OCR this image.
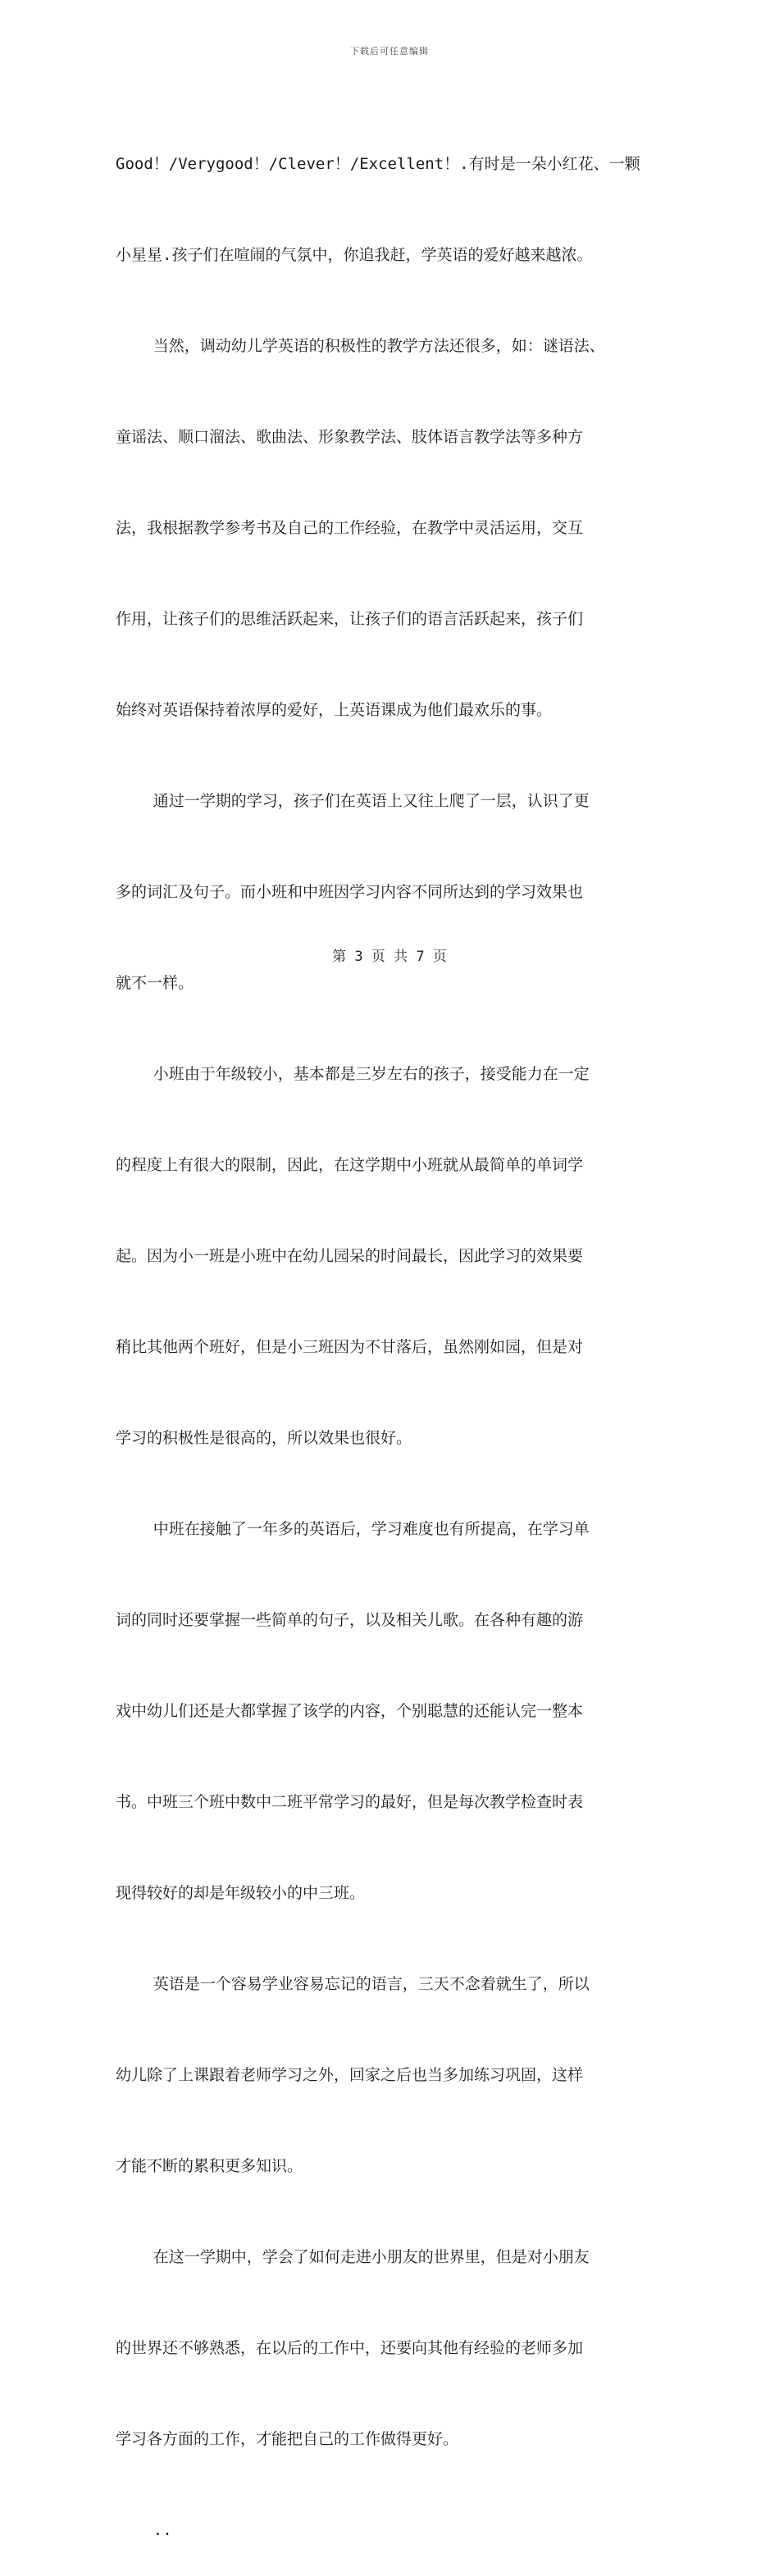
下载后可任意编辑

Good！/Verygood！/Clever！/Excellent！.有时是一朵小红花、一颗

小星星.孩子们在喧闹的气氛中，你追我赶，学英语的爱好越来越浓。

当然，调动幼儿学英语的积极性的教学方法还很多，如：谜语法、

童谣法、顺口溜法、歌曲法、形象教学法、肢体语言教学法等多种方

法，我根据教学参考书及自己的工作经验，在教学中灵活运用，交互

作用，让孩子们的思维活跃起来，让孩子们的语言活跃起来，孩子们

始终对英语保持着浓厚的爱好，上英语课成为他们最欢乐的事。

通过一学期的学习，孩子们在英语上又往上爬了一层，认识了更

多的词汇及句子。而小班和中班因学习内容不同所达到的学习效果也

就不一样。

小班由于年级较小，基本都是三岁左右的孩子，接受能力在一定

的程度上有很大的限制，因此，在这学期中小班就从最简单的单词学

起。因为小一班是小班中在幼儿园呆的时间最长，因此学习的效果要

稍比其他两个班好，但是小三班因为不甘落后，虽然刚如园，但是对

学习的积极性是很高的，所以效果也很好。

中班在接触了一年多的英语后，学习难度也有所提高，在学习单

词的同时还要掌握一些简单的句子，以及相关儿歌。在各种有趣的游

戏中幼儿们还是大都掌握了该学的内容，个别聪慧的还能认完一整本

书。中班三个班中数中二班平常学习的最好，但是每次教学检查时表

现得较好的却是年级较小的中三班。

英语是一个容易学业容易忘记的语言，三天不念着就生了，所以

幼儿除了上课跟着老师学习之外，回家之后也当多加练习巩固，这样

才能不断的累积更多知识。

在这一学期中，学会了如何走进小朋友的世界里，但是对小朋友

的世界还不够熟悉，在以后的工作中，还要向其他有经验的老师多加

学习各方面的工作，才能把自己的工作做得更好。

..

第 3 页 共 7 页
